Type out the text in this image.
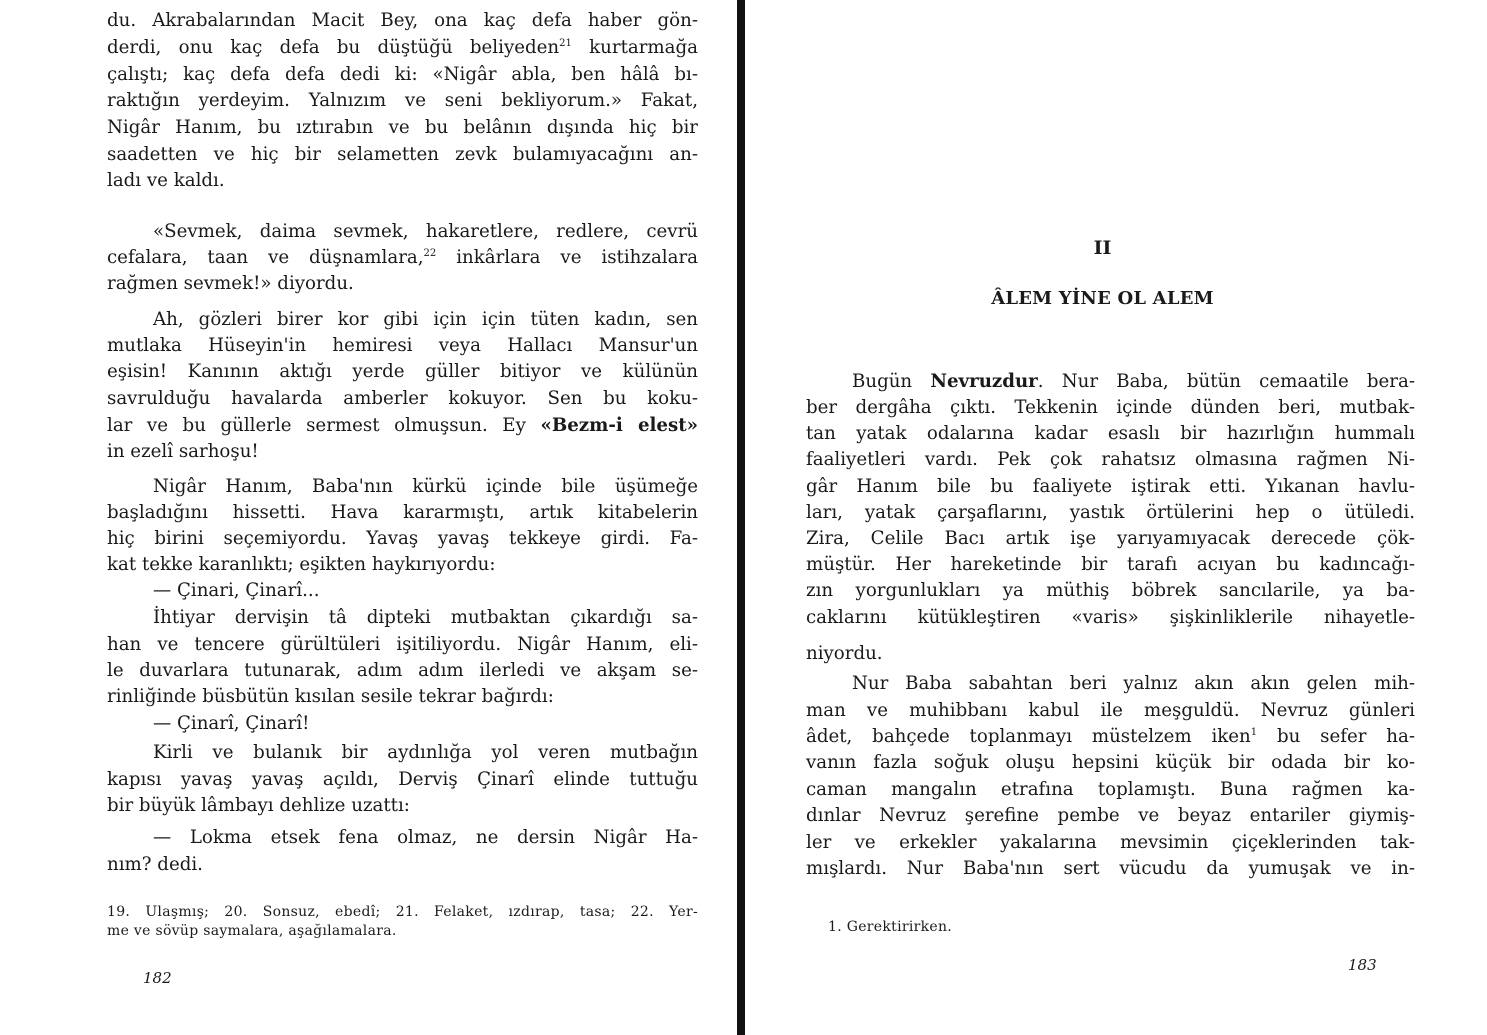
du. Akrabalarından Macit Bey, ona kaç defa haber gön-
derdi, onu kaç defa bu düştüğü beliyeden$^{21}$ kurtarmağa
çalıştı; kaç defa defa dedi ki: «Nigâr abla, ben hâlâ bı-
raktığın yerdeyim. Yalnızım ve seni bekliyorum.» Fakat,
Nigâr Hanım, bu ıztırabın ve bu belânın dışında hiç bir
saadetten ve hiç bir selametten zevk bulamıyacağını an-
ladı ve kaldı.
«Sevmek, daima sevmek, hakaretlere, redlere, cevrü
cefalara, taan ve düşnamlara,$^{22}$ inkârlara ve istihzalara
rağmen sevmek!» diyordu.
Ah, gözleri birer kor gibi için için tüten kadın, sen
mutlaka Hüseyin'in hemiresi veya Hallacı Mansur'un
eşisin! Kanının aktığı yerde güller bitiyor ve külünün
savrulduğu havalarda amberler kokuyor. Sen bu koku-
lar ve bu güllerle sermest olmuşsun. Ey «Bezm-i elest»
in ezelî sarhoşu!
Nigâr Hanım, Baba'nın kürkü içinde bile üşümeğe
başladığını hissetti. Hava kararmıştı, artık kitabelerin
hiç birini seçemiyordu. Yavaş yavaş tekkeye girdi. Fa-
kat tekke karanlıktı; eşikten haykırıyordu:
— Çinari, Çinarî...
İhtiyar dervişin tâ dipteki mutbaktan çıkardığı sa-
han ve tencere gürültüleri işitiliyordu. Nigâr Hanım, eli-
le duvarlara tutunarak, adım adım ilerledi ve akşam se-
rinliğinde büsbütün kısılan sesile tekrar bağırdı:
— Çinarî, Çinarî!
Kirli ve bulanık bir aydınlığa yol veren mutbağın
kapısı yavaş yavaş açıldı, Derviş Çinarî elinde tuttuğu
bir büyük lâmbayı dehlize uzattı:
— Lokma etsek fena olmaz, ne dersin Nigâr Ha-
nım? dedi.
19. Ulaşmış; 20. Sonsuz, ebedî; 21. Felaket, ızdırap, tasa; 22. Yer-
me ve sövüp saymalara, aşağılamalara.
182
II
ÂLEM YİNE OL ALEM
Bugün Nevruzdur. Nur Baba, bütün cemaatile bera-
ber dergâha çıktı. Tekkenin içinde dünden beri, mutbak-
tan yatak odalarına kadar esaslı bir hazırlığın hummalı
faaliyetleri vardı. Pek çok rahatsız olmasına rağmen Ni-
gâr Hanım bile bu faaliyete iştirak etti. Yıkanan havlu-
ları, yatak çarşaflarını, yastık örtülerini hep o ütüledi.
Zira, Celile Bacı artık işe yarıyamıyacak derecede çök-
müştür. Her hareketinde bir tarafı acıyan bu kadıncağı-
zın yorgunlukları ya müthiş böbrek sancılarile, ya ba-
caklarını kütükleştiren «varis» şişkinliklerile nihayetle-
niyordu.
Nur Baba sabahtan beri yalnız akın akın gelen mih-
man ve muhibbanı kabul ile meşguldü. Nevruz günleri
âdet, bahçede toplanmayı müstelzem iken$^1$ bu sefer ha-
vanın fazla soğuk oluşu hepsini küçük bir odada bir ko-
caman mangalın etrafına toplamıştı. Buna rağmen ka-
dınlar Nevruz şerefine pembe ve beyaz entariler giymiş-
ler ve erkekler yakalarına mevsimin çiçeklerinden tak-
mışlardı. Nur Baba'nın sert vücudu da yumuşak ve in-
1. Gerektirirken.
183
